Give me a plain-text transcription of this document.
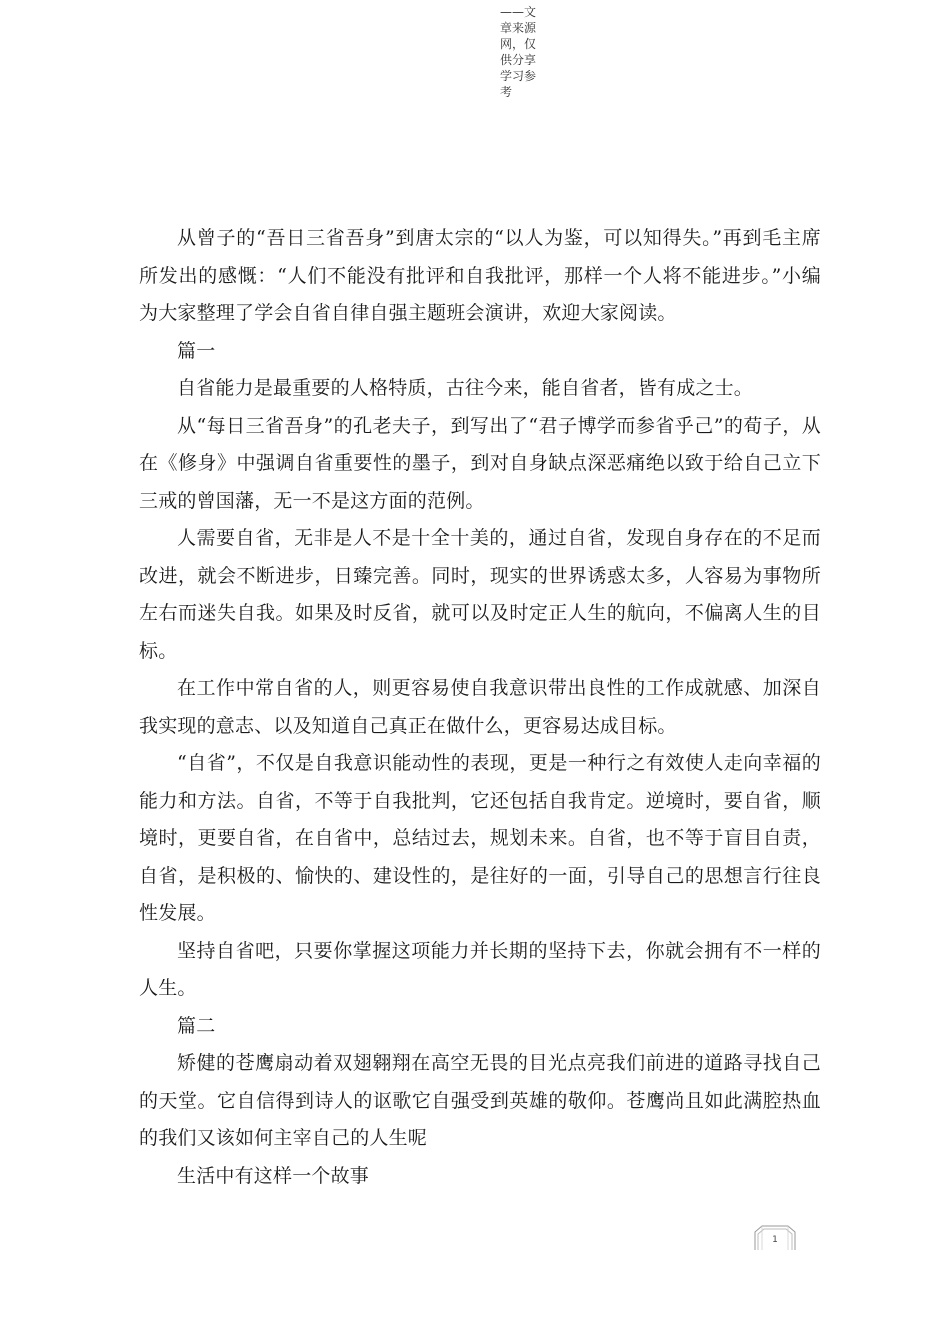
——文章来源网，仅供分享学习参考

从曾子的“吾日三省吾身”到唐太宗的“以人为鉴，可以知得失。”再到毛主席所发出的感慨：“人们不能没有批评和自我批评，那样一个人将不能进步。”小编为大家整理了学会自省自律自强主题班会演讲，欢迎大家阅读。

篇一

自省能力是最重要的人格特质，古往今来，能自省者，皆有成之士。

从“每日三省吾身”的孔老夫子，到写出了“君子博学而参省乎己”的荀子，从在《修身》中强调自省重要性的墨子，到对自身缺点深恶痛绝以致于给自己立下三戒的曾国藩，无一不是这方面的范例。

人需要自省，无非是人不是十全十美的，通过自省，发现自身存在的不足而改进，就会不断进步，日臻完善。同时，现实的世界诱惑太多，人容易为事物所左右而迷失自我。如果及时反省，就可以及时定正人生的航向，不偏离人生的目标。

在工作中常自省的人，则更容易使自我意识带出良性的工作成就感、加深自我实现的意志、以及知道自己真正在做什么，更容易达成目标。

“自省”，不仅是自我意识能动性的表现，更是一种行之有效使人走向幸福的能力和方法。自省，不等于自我批判，它还包括自我肯定。逆境时，要自省，顺境时，更要自省，在自省中，总结过去，规划未来。自省，也不等于盲目自责，自省，是积极的、愉快的、建设性的，是往好的一面，引导自己的思想言行往良性发展。

坚持自省吧，只要你掌握这项能力并长期的坚持下去，你就会拥有不一样的人生。

篇二

矫健的苍鹰扇动着双翅翱翔在高空无畏的目光点亮我们前进的道路寻找自己的天堂。它自信得到诗人的讴歌它自强受到英雄的敬仰。苍鹰尚且如此满腔热血的我们又该如何主宰自己的人生呢

生活中有这样一个故事

1
